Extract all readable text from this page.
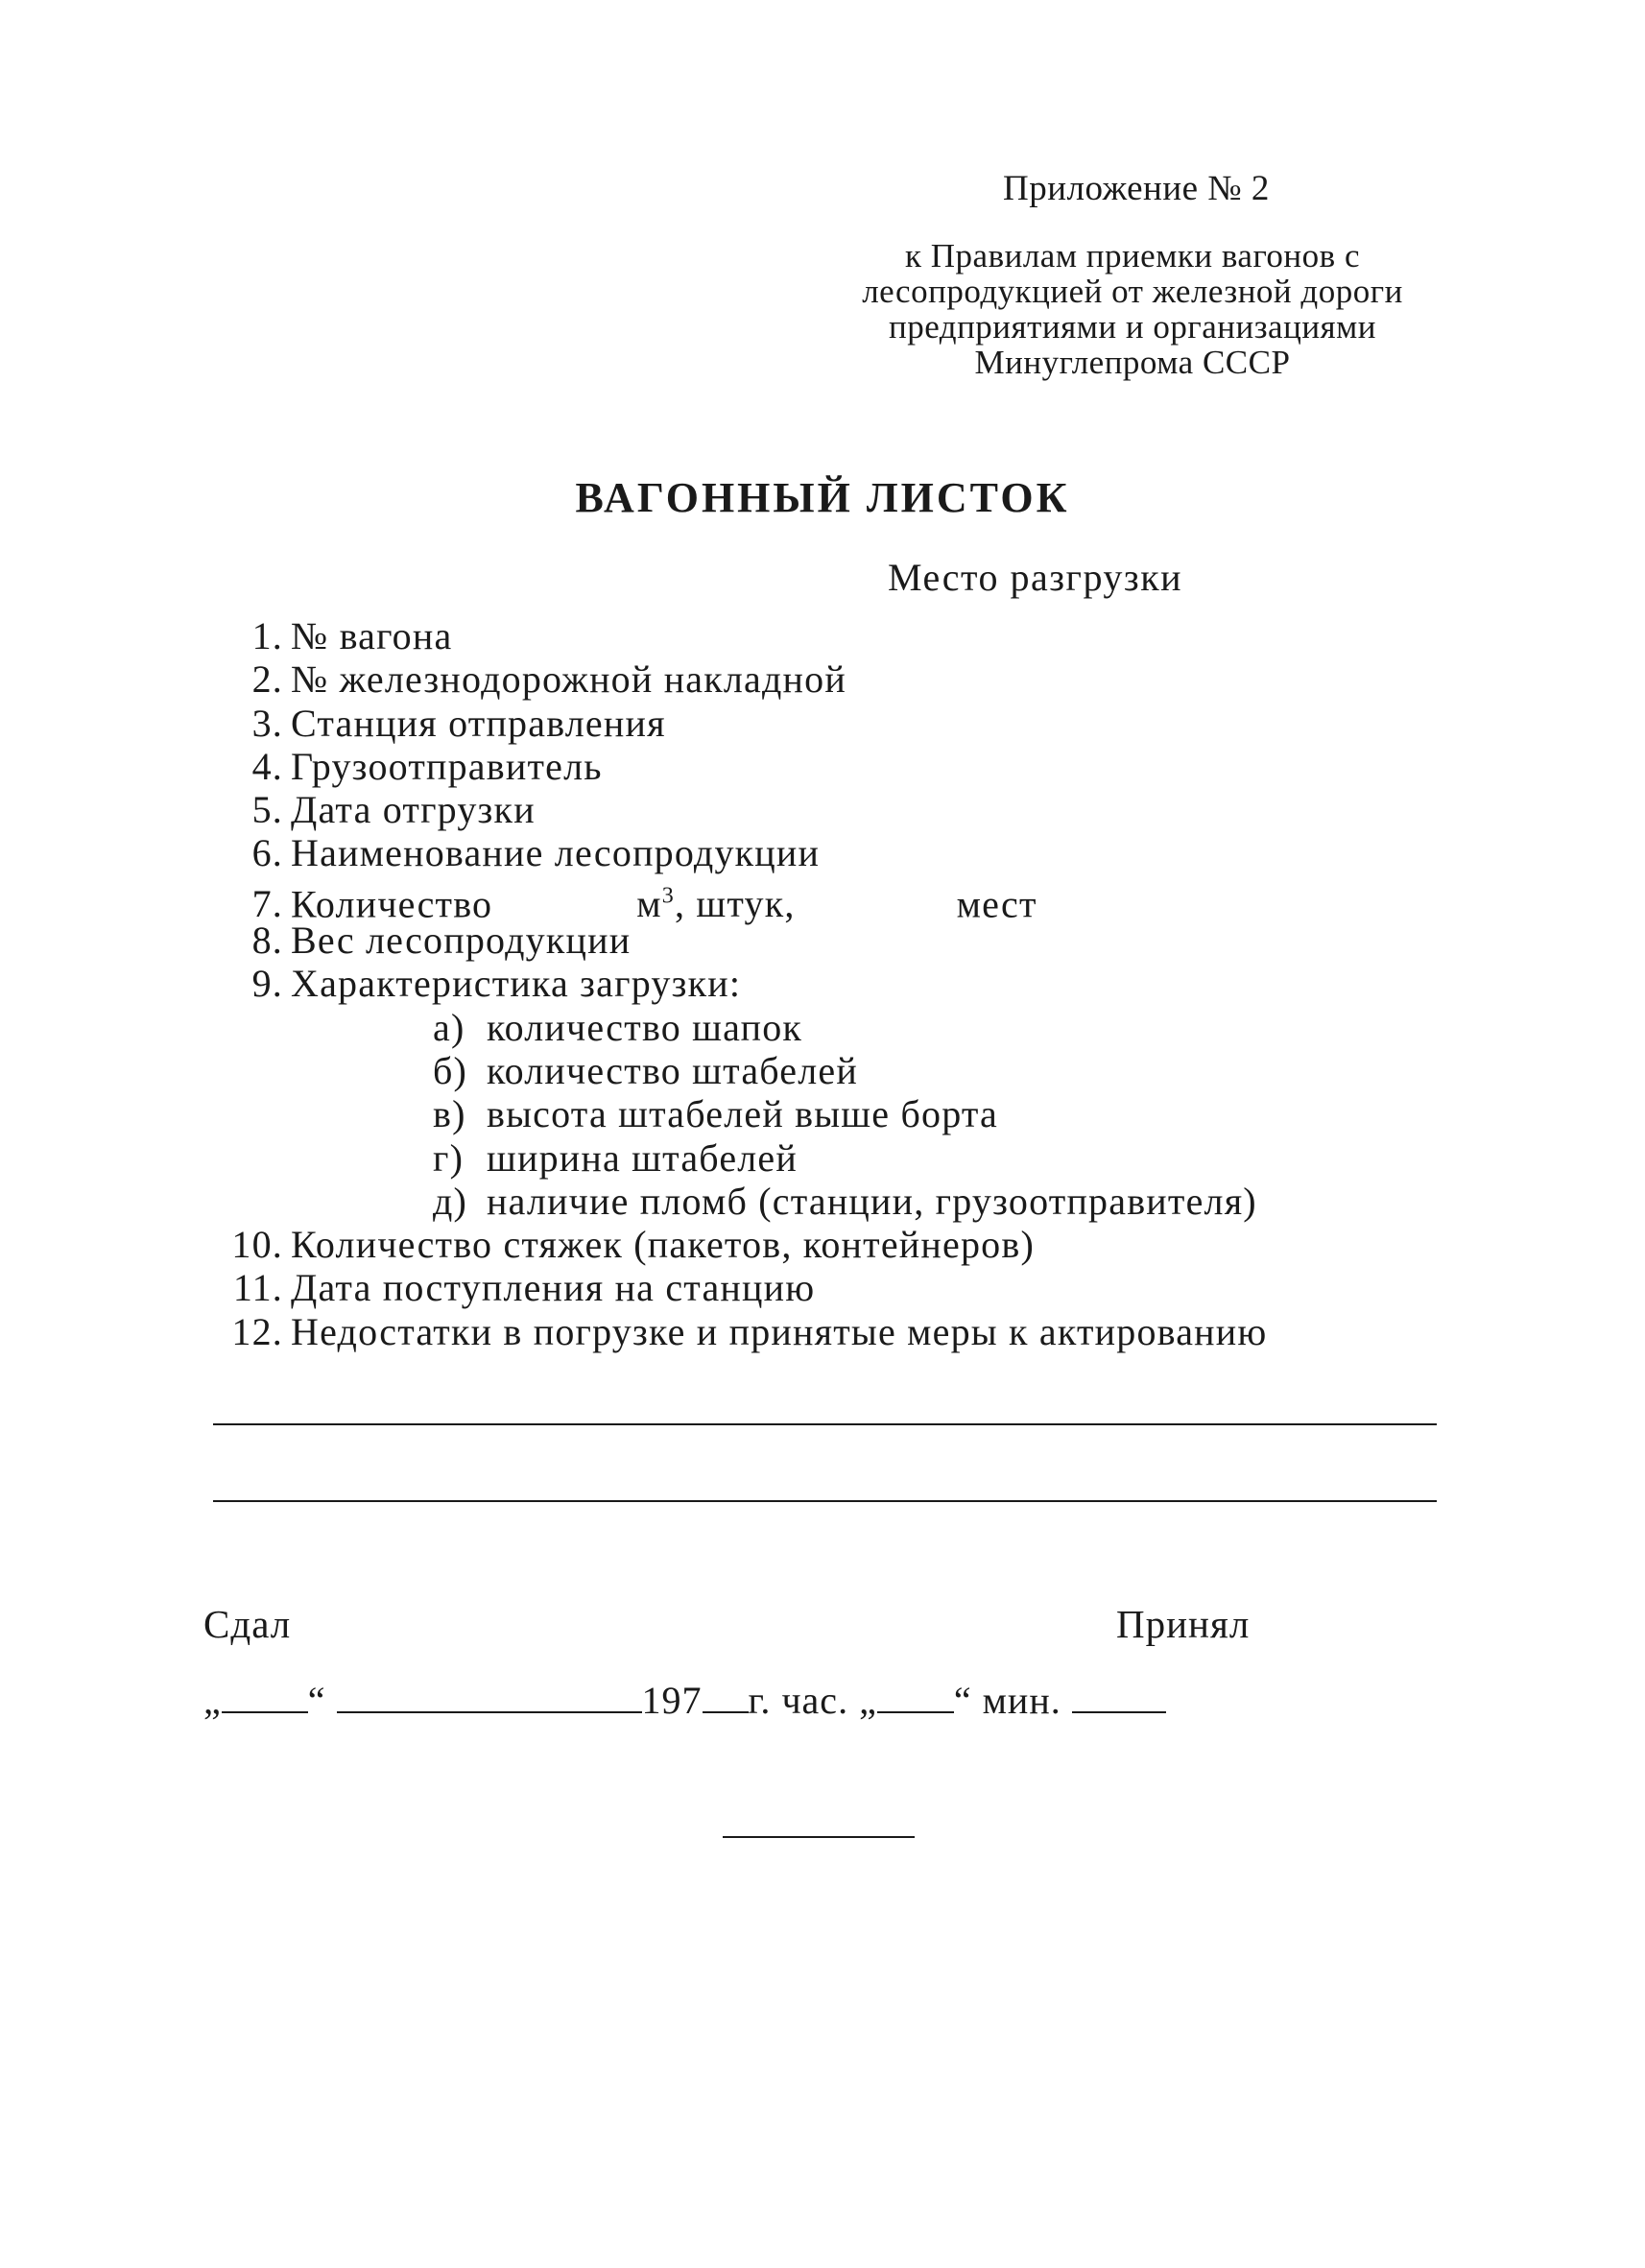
Приложение № 2
к Правилам приемки вагонов с лесопродукцией от железной дороги предприятиями и организациями Минуглепрома СССР
ВАГОННЫЙ ЛИСТОК
Место разгрузки
1. № вагона
2. № железнодорожной накладной
3. Станция отправления
4. Грузоотправитель
5. Дата отгрузки
6. Наименование лесопродукции
7. Количество	$м^3$, штук,	мест
8. Вес лесопродукции
9. Характеристика загрузки:
а) количество шапок
б) количество штабелей
в) высота штабелей выше борта
г) ширина штабелей
д) наличие пломб (станции, грузоотправителя)
10. Количество стяжек (пакетов, контейнеров)
11. Дата поступления на станцию
12. Недостатки в погрузке и принятые меры к актированию
Сдал	Принял
„ “	197 г. час. „ “ мин.
